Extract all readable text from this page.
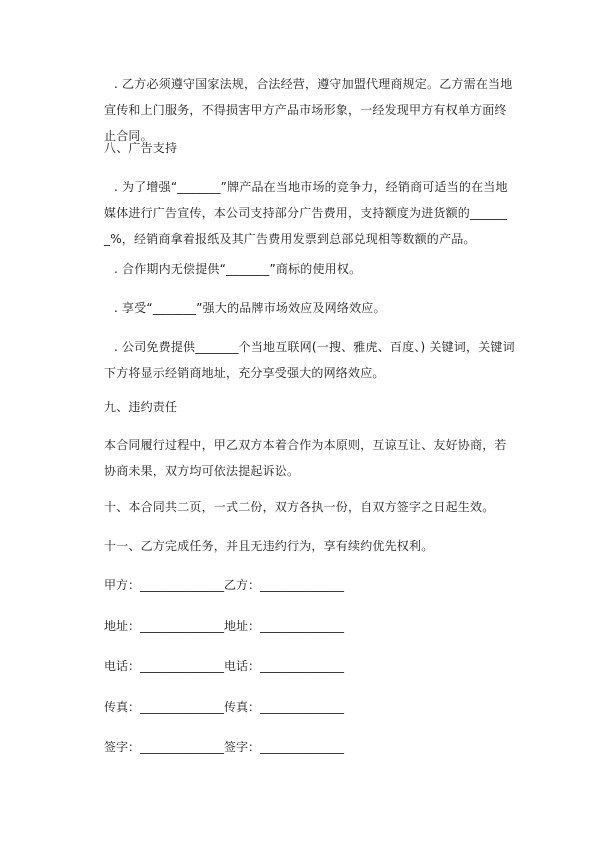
. 乙方必须遵守国家法规，合法经营，遵守加盟代理商规定。乙方需在当地宣传和上门服务，不得损害甲方产品市场形象，一经发现甲方有权单方面终止合同。

八、广告支持

. 为了增强“_______”牌产品在当地市场的竞争力，经销商可适当的在当地媒体进行广告宣传，本公司支持部分广告费用，支持额度为进货额的_______%，经销商拿着报纸及其广告费用发票到总部兑现相等数额的产品。

. 合作期内无偿提供“_______”商标的使用权。

. 享受“_______”强大的品牌市场效应及网络效应。

. 公司免费提供_______个当地互联网(一搜、雅虎、百度、) 关键词，关键词下方将显示经销商地址，充分享受强大的网络效应。

九、违约责任

本合同履行过程中，甲乙双方本着合作为本原则，互谅互让、友好协商，若协商未果，双方均可依法提起诉讼。

十、本合同共二页，一式二份，双方各执一份，自双方签字之日起生效。

十一、乙方完成任务，并且无违约行为，享有续约优先权利。

甲方：______________乙方：______________
地址：______________地址：______________
电话：______________电话：______________
传真：______________传真：______________
签字：______________签字：______________
